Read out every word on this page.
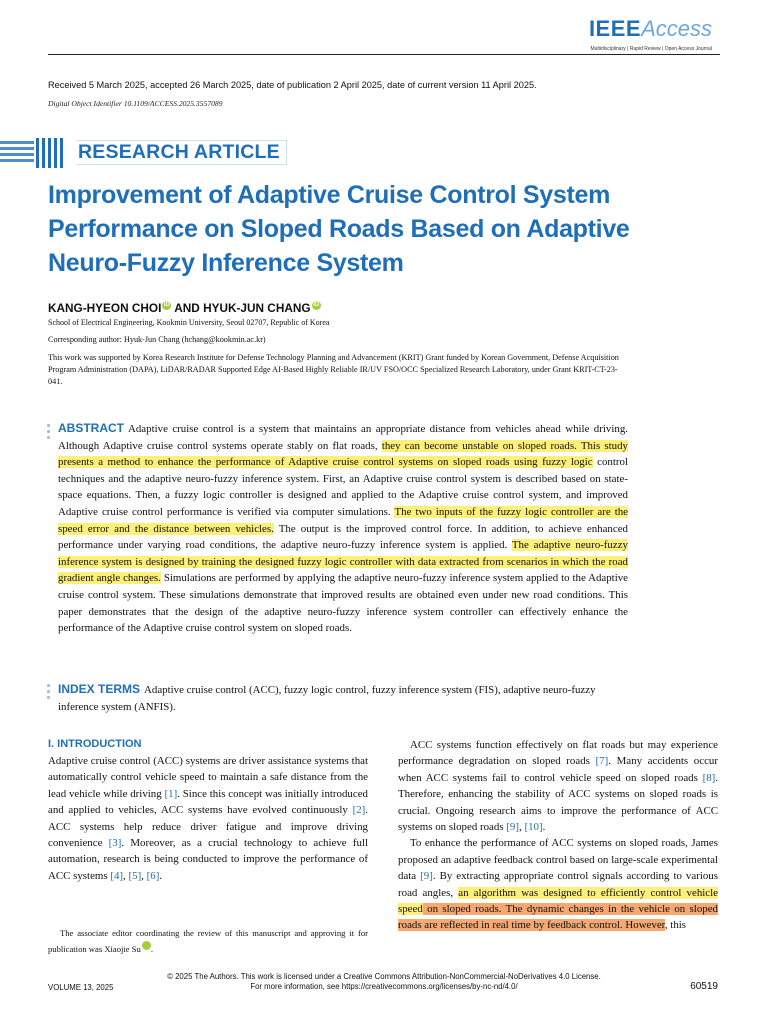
IEEEAccess
Multidisciplinary | Rapid Review | Open Access Journal
Received 5 March 2025, accepted 26 March 2025, date of publication 2 April 2025, date of current version 11 April 2025.
Digital Object Identifier 10.1109/ACCESS.2025.3557089
RESEARCH ARTICLE
Improvement of Adaptive Cruise Control System Performance on Sloped Roads Based on Adaptive Neuro-Fuzzy Inference System
KANG-HYEON CHOI iD AND HYUK-JUN CHANG iD
School of Electrical Engineering, Kookmin University, Seoul 02707, Republic of Korea
Corresponding author: Hyuk-Jun Chang (hchang@kookmin.ac.kr)
This work was supported by Korea Research Institute for Defense Technology Planning and Advancement (KRIT) Grant funded by Korean Government, Defense Acquisition Program Administration (DAPA), LiDAR/RADAR Supported Edge AI-Based Highly Reliable IR/UV FSO/OCC Specialized Research Laboratory, under Grant KRIT-CT-23-041.
ABSTRACT Adaptive cruise control is a system that maintains an appropriate distance from vehicles ahead while driving. Although Adaptive cruise control systems operate stably on flat roads, they can become unstable on sloped roads. This study presents a method to enhance the performance of Adaptive cruise control systems on sloped roads using fuzzy logic control techniques and the adaptive neuro-fuzzy inference system. First, an Adaptive cruise control system is described based on state-space equations. Then, a fuzzy logic controller is designed and applied to the Adaptive cruise control system, and improved Adaptive cruise control performance is verified via computer simulations. The two inputs of the fuzzy logic controller are the speed error and the distance between vehicles. The output is the improved control force. In addition, to achieve enhanced performance under varying road conditions, the adaptive neuro-fuzzy inference system is applied. The adaptive neuro-fuzzy inference system is designed by training the designed fuzzy logic controller with data extracted from scenarios in which the road gradient angle changes. Simulations are performed by applying the adaptive neuro-fuzzy inference system applied to the Adaptive cruise control system. These simulations demonstrate that improved results are obtained even under new road conditions. This paper demonstrates that the design of the adaptive neuro-fuzzy inference system controller can effectively enhance the performance of the Adaptive cruise control system on sloped roads.
INDEX TERMS Adaptive cruise control (ACC), fuzzy logic control, fuzzy inference system (FIS), adaptive neuro-fuzzy inference system (ANFIS).
I. INTRODUCTION

Adaptive cruise control (ACC) systems are driver assistance systems that automatically control vehicle speed to maintain a safe distance from the lead vehicle while driving [1]. Since this concept was initially introduced and applied to vehicles, ACC systems have evolved continuously [2]. ACC systems help reduce driver fatigue and improve driving convenience [3]. Moreover, as a crucial technology to achieve full automation, research is being conducted to improve the performance of ACC systems [4], [5], [6].

The associate editor coordinating the review of this manuscript and approving it for publication was Xiaojie Su iD.

ACC systems function effectively on flat roads but may experience performance degradation on sloped roads [7]. Many accidents occur when ACC systems fail to control vehicle speed on sloped roads [8]. Therefore, enhancing the stability of ACC systems on sloped roads is crucial. Ongoing research aims to improve the performance of ACC systems on sloped roads [9], [10].

To enhance the performance of ACC systems on sloped roads, James proposed an adaptive feedback control based on large-scale experimental data [9]. By extracting appropriate control signals according to various road angles, an algorithm was designed to efficiently control vehicle speed on sloped roads. The dynamic changes in the vehicle on sloped roads are reflected in real time by feedback control. However, this

© 2025 The Authors. This work is licensed under a Creative Commons Attribution-NonCommercial-NoDerivatives 4.0 License.
For more information, see https://creativecommons.org/licenses/by-nc-nd/4.0/
VOLUME 13, 2025	60519
